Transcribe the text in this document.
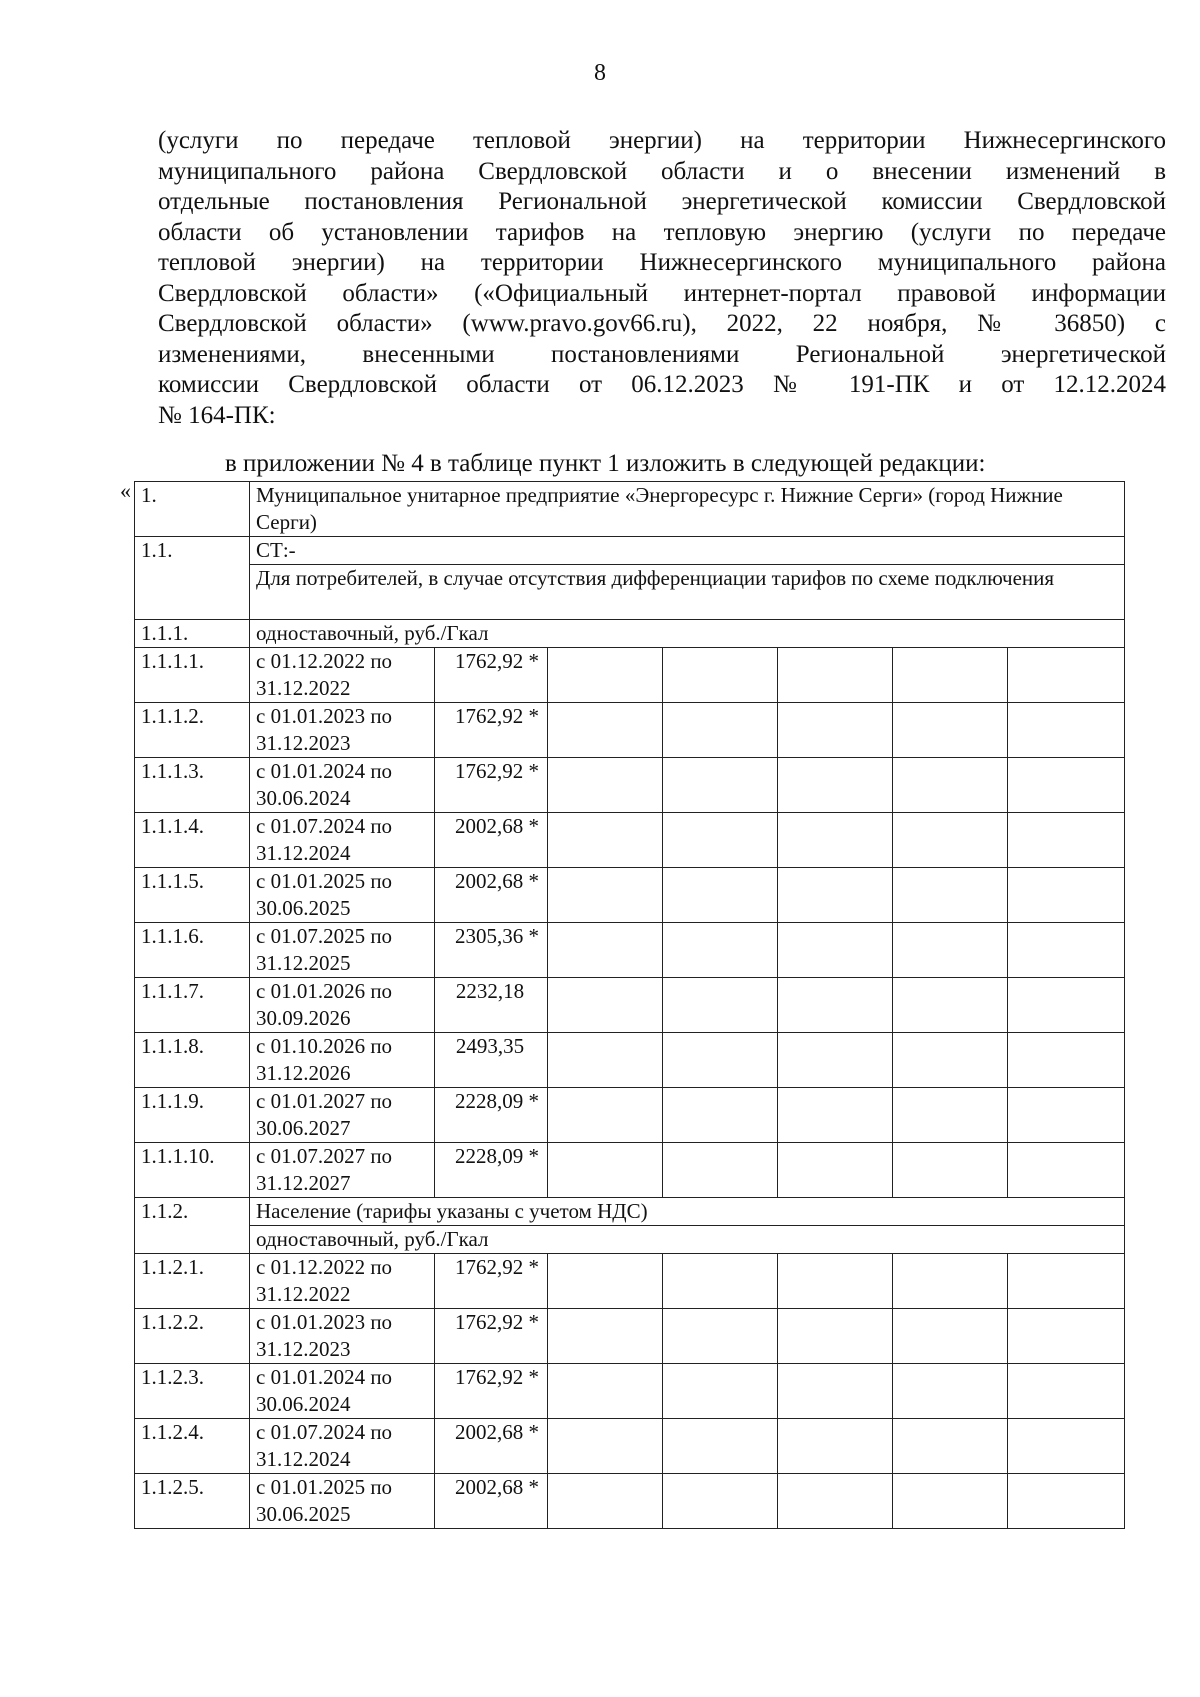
8
(услуги по передаче тепловой энергии) на территории Нижнесергинского
муниципального района Свердловской области и о внесении изменений в
отдельные постановления Региональной энергетической комиссии Свердловской
области об установлении тарифов на тепловую энергию (услуги по передаче
тепловой энергии) на территории Нижнесергинского муниципального района
Свердловской области» («Официальный интернет-портал правовой информации
Свердловской области» (www.pravo.gov66.ru), 2022, 22 ноября, № 36850) с
изменениями, внесенными постановлениями Региональной энергетической
комиссии Свердловской области от 06.12.2023 № 191-ПК и от 12.12.2024
№ 164-ПК:
в приложении № 4 в таблице пункт 1 изложить в следующей редакции:
« 1.	Муниципальное унитарное предприятие «Энергоресурс г. Нижние Серги» (город Нижние Серги)						
1.1.	СТ:-						
	Для потребителей, в случае отсутствия дифференциации тарифов по схеме подключения						
1.1.1.	одноставочный, руб./Гкал						
1.1.1.1.	с 01.12.2022 по 31.12.2022	1762,92 *					
1.1.1.2.	с 01.01.2023 по 31.12.2023	1762,92 *					
1.1.1.3.	с 01.01.2024 по 30.06.2024	1762,92 *					
1.1.1.4.	с 01.07.2024 по 31.12.2024	2002,68 *					
1.1.1.5.	с 01.01.2025 по 30.06.2025	2002,68 *					
1.1.1.6.	с 01.07.2025 по 31.12.2025	2305,36 *					
1.1.1.7.	с 01.01.2026 по 30.09.2026	2232,18					
1.1.1.8.	с 01.10.2026 по 31.12.2026	2493,35					
1.1.1.9.	с 01.01.2027 по 30.06.2027	2228,09 *					
1.1.1.10.	с 01.07.2027 по 31.12.2027	2228,09 *					
1.1.2.	Население (тарифы указаны с учетом НДС)						
	одноставочный, руб./Гкал						
1.1.2.1.	с 01.12.2022 по 31.12.2022	1762,92 *					
1.1.2.2.	с 01.01.2023 по 31.12.2023	1762,92 *					
1.1.2.3.	с 01.01.2024 по 30.06.2024	1762,92 *					
1.1.2.4.	с 01.07.2024 по 31.12.2024	2002,68 *					
1.1.2.5.	с 01.01.2025 по 30.06.2025	2002,68 *					
